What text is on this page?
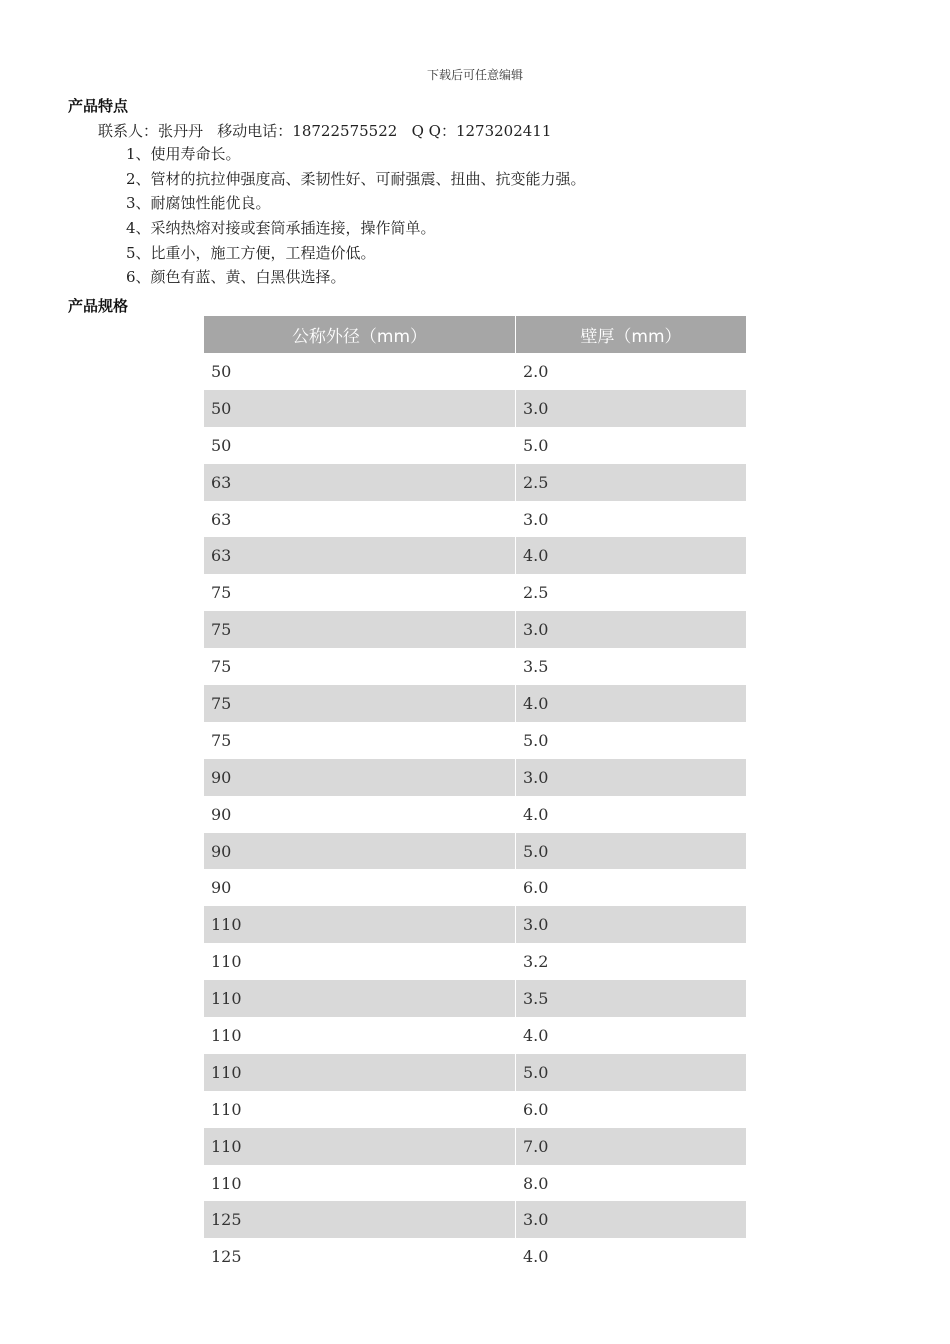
下载后可任意编辑
产品特点
联系人：张丹丹   移动电话：18722575522   Q Q：1273202411
1、使用寿命长。
2、管材的抗拉伸强度高、柔韧性好、可耐强震、扭曲、抗变能力强。
3、耐腐蚀性能优良。
4、采纳热熔对接或套筒承插连接，操作简单。
5、比重小，施工方便，工程造价低。
6、颜色有蓝、黄、白黑供选择。
产品规格
公称外径（mm）	壁厚（mm）
50	2.0
50	3.0
50	5.0
63	2.5
63	3.0
63	4.0
75	2.5
75	3.0
75	3.5
75	4.0
75	5.0
90	3.0
90	4.0
90	5.0
90	6.0
110	3.0
110	3.2
110	3.5
110	4.0
110	5.0
110	6.0
110	7.0
110	8.0
125	3.0
125	4.0
